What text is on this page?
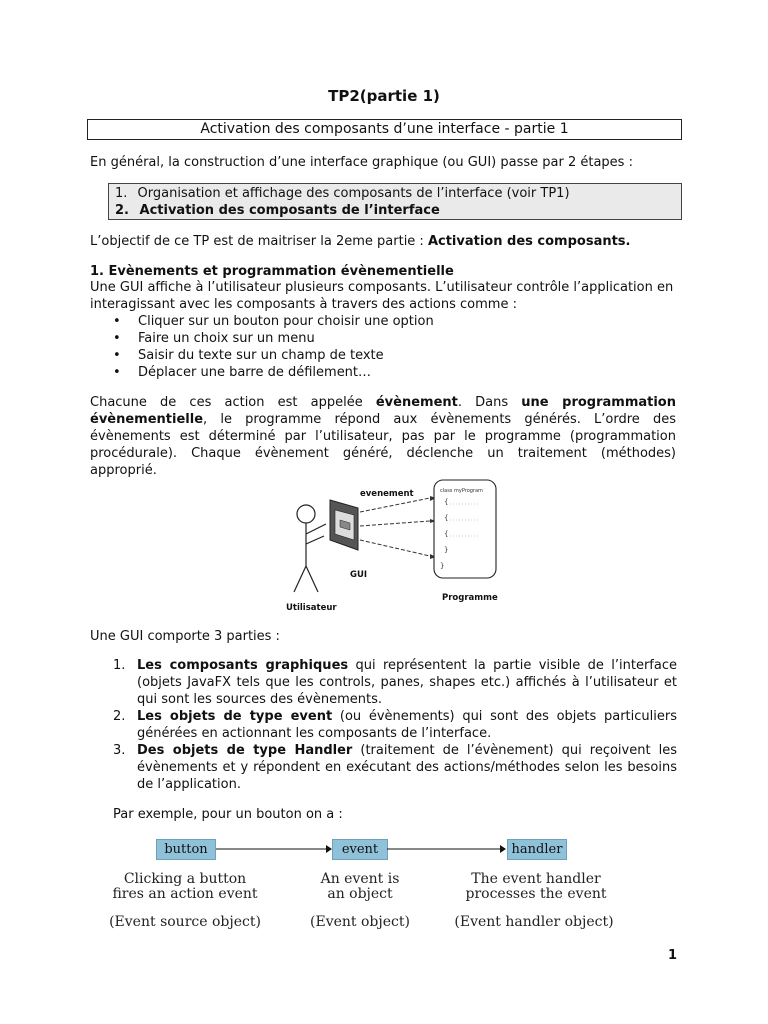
TP2(partie 1)
Activation des composants d’une interface - partie 1
En général, la construction d’une interface graphique (ou GUI) passe par 2 étapes :
1. Organisation et affichage des composants de l’interface (voir TP1)
2. Activation des composants de l’interface
L’objectif de ce TP est de maitriser la 2eme partie : Activation des composants.
1. Evènements et programmation évènementielle
Une GUI affiche à l’utilisateur plusieurs composants. L’utilisateur contrôle l’application en
interagissant avec les composants à travers des actions comme :
• Cliquer sur un bouton pour choisir une option
• Faire un choix sur un menu
• Saisir du texte sur un champ de texte
• Déplacer une barre de défilement…
Chacune de ces action est appelée évènement. Dans une programmation évènementielle, le programme répond aux évènements générés. L’ordre des évènements est déterminé par l’utilisateur, pas par le programme (programmation procédurale). Chaque évènement généré, déclenche un traitement (méthodes) approprié.
class myProgram
{
{
{
}
}
evenement
GUI
Utilisateur
Programme
Une GUI comporte 3 parties :
1. Les composants graphiques qui représentent la partie visible de l’interface (objets JavaFX tels que les controls, panes, shapes etc.) affichés à l’utilisateur et qui sont les sources des évènements.
2. Les objets de type event (ou évènements) qui sont des objets particuliers générées en actionnant les composants de l’interface.
3. Des objets de type Handler (traitement de l’évènement) qui reçoivent les évènements et y répondent en exécutant des actions/méthodes selon les besoins de l’application.
Par exemple, pour un bouton on a :
button	event	handler
Clicking a button
fires an action event
(Event source object)
An event is
an object
(Event object)
The event handler
processes the event
(Event handler object)
1
